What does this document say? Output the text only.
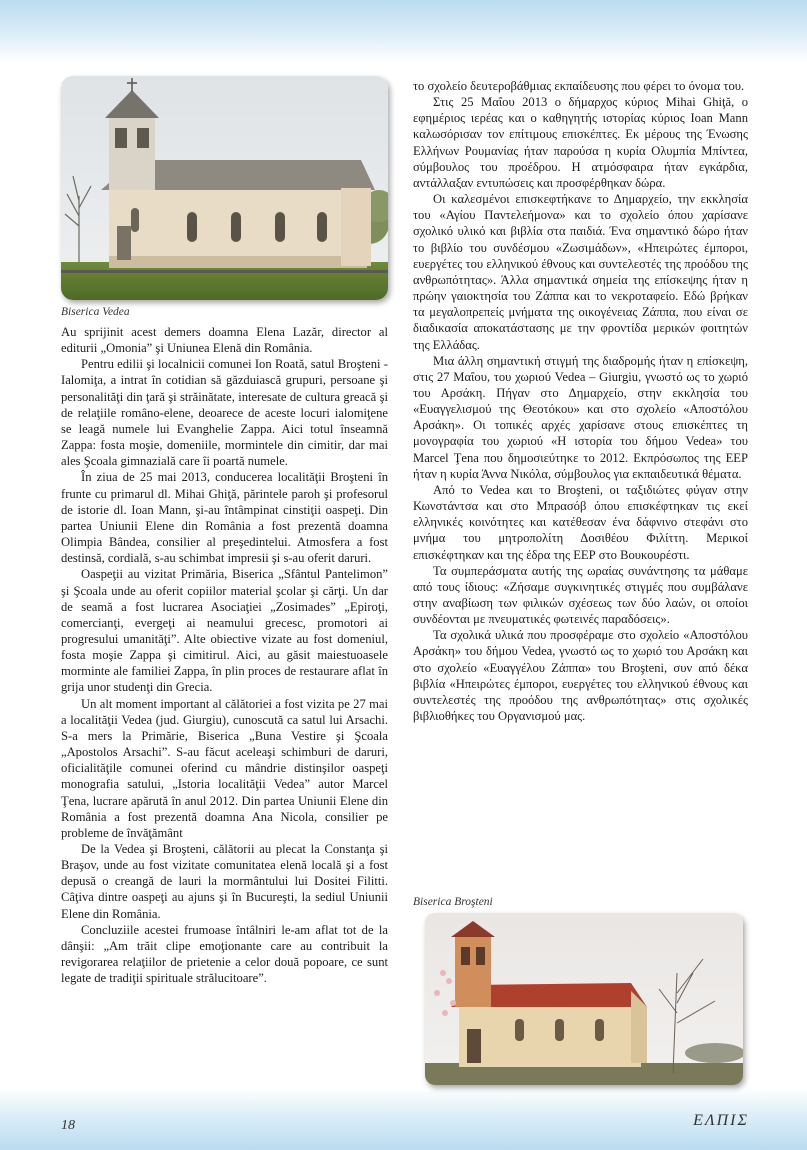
Biserica Vedea

Au sprijinit acest demers doamna Elena Lazăr, director al editurii „Omonia” şi Uniunea Elenă din România.

Pentru edilii şi localnicii comunei Ion Roată, satul Broşteni - Ialomiţa, a intrat în cotidian să găzduiască grupuri, persoane şi personalităţi din ţară şi străinătate, interesate de cultura greacă şi de relaţiile româno-elene, deoarece de aceste locuri ialomiţene se leagă numele lui Evanghelie Zappa. Aici totul înseamnă Zappa: fosta moşie, domeniile, mormintele din cimitir, dar mai ales Şcoala gimnazială care îi poartă numele.

În ziua de 25 mai 2013, conducerea localităţii Broşteni în frunte cu primarul dl. Mihai Ghiţă, părintele paroh şi profesorul de istorie dl. Ioan Mann, şi-au întâmpinat cinstiţii oaspeţi. Din partea Uniunii Elene din România a fost prezentă doamna Olimpia Bândea, consilier al preşedintelui. Atmosfera a fost destinsă, cordială, s-au schimbat impresii şi s-au oferit daruri.

Oaspeţii au vizitat Primăria, Biserica „Sfântul Pantelimon” şi Şcoala unde au oferit copiilor material şcolar şi cărţi. Un dar de seamă a fost lucrarea Asociaţiei „Zosimades” „Epiroţi, comercianţi, evergeţi ai neamului grecesc, promotori ai progresului umanităţi”. Alte obiective vizate au fost domeniul, fosta moşie Zappa şi cimitirul. Aici, au găsit maiestuoasele morminte ale familiei Zappa, în plin proces de restaurare aflat în grija unor studenţi din Grecia.

Un alt moment important al călătoriei a fost vizita pe 27 mai a localităţii Vedea (jud. Giurgiu), cunoscută ca satul lui Arsachi. S-a mers la Primărie, Biserica „Buna Vestire şi Şcoala „Apostolos Arsachi”. S-au făcut aceleaşi schimburi de daruri, oficialităţile comunei oferind cu mândrie distinşilor oaspeţi monografia satului, „Istoria localităţii Vedea” autor Marcel Ţena, lucrare apărută în anul 2012. Din partea Uniunii Elene din România a fost prezentă doamna Ana Nicola, consilier pe probleme de învăţământ

De la Vedea şi Broşteni, călătorii au plecat la Constanţa şi Braşov, unde au fost vizitate comunitatea elenă locală şi a fost depusă o creangă de lauri la mormântului lui Dositei Filitti. Câţiva dintre oaspeţi au ajuns şi în Bucureşti, la sediul Uniunii Elene din România.

Concluziile acestei frumoase întâlniri le-am aflat tot de la dânşii: „Am trăit clipe emoţionante care au contribuit la revigorarea relaţiilor de prietenie a celor două popoare, ce sunt legate de tradiţii spirituale strălucitoare”.

το σχολείο δευτεροβάθμιας εκπαίδευσης που φέρει το όνομα του.

Στις 25 Μαΐου 2013 ο δήμαρχος κύριος Mihai Ghiţă, ο εφημέριος ιερέας και ο καθηγητής ιστορίας κύριος Ioan Mann καλωσόρισαν τον επίτιμους επισκέπτες. Εκ μέρους της Ένωσης Ελλήνων Ρουμανίας ήταν παρούσα η κυρία Ολυμπία Μπίντεα, σύμβουλος του προέδρου. Η ατμόσφαιρα ήταν εγκάρδια, αντάλλαξαν εντυπώσεις και προσφέρθηκαν δώρα.

Οι καλεσμένοι επισκεφτήκανε το Δημαρχείο, την εκκλησία του «Αγίου Παντελεήμονα» και το σχολείο όπου χαρίσανε σχολικό υλικό και βιβλία στα παιδιά. Ένα σημαντικό δώρο ήταν το βιβλίο του συνδέσμου «Ζωσιμάδων», «Ηπειρώτες έμποροι, ευεργέτες του ελληνικού έθνους και συντελεστές της προόδου της ανθρωπότητας». Άλλα σημαντικά σημεία της επίσκεψης ήταν η πρώην γαιοκτησία του Ζάππα και το νεκροταφείο. Εδώ βρήκαν τα μεγαλοπρεπείς μνήματα της οικογένειας Ζάππα, που είναι σε διαδικασία αποκατάστασης με την φροντίδα μερικών φοιτητών της Ελλάδας.

Μια άλλη σημαντική στιγμή της διαδρομής ήταν η επίσκεψη, στις 27 Μαΐου, του χωριού Vedea – Giurgiu, γνωστό ως το χωριό του Αρσάκη. Πήγαν στο Δημαρχείο, στην εκκλησία του «Ευαγγελισμού της Θεοτόκου» και στο σχολείο «Αποστόλου Αρσάκη». Οι τοπικές αρχές χαρίσανε στους επισκέπτες τη μονογραφία του χωριού «Η ιστορία του δήμου Vedea» του Marcel Ţena που δημοσιεύτηκε το 2012. Εκπρόσωπος της ΕΕΡ ήταν η κυρία Άννα Νικόλα, σύμβουλος για εκπαιδευτικά θέματα.

Από το Vedea και το Broşteni, οι ταξιδιώτες φύγαν στην Κωνστάντσα και στο Μπρασόβ όπου επισκέφτηκαν τις εκεί ελληνικές κοινότητες και κατέθεσαν ένα δάφνινο στεφάνι στο μνήμα του μητροπολίτη Δοσιθέου Φιλίττη. Μερικοί επισκέφτηκαν και της έδρα της ΕΕΡ στο Βουκουρέστι.

Τα συμπεράσματα αυτής της ωραίας συνάντησης τα μάθαμε από τους ίδιους: «Ζήσαμε συγκινητικές στιγμές που συμβάλανε στην αναβίωση των φιλικών σχέσεως των δύο λαών, οι οποίοι συνδέονται με πνευματικές φωτεινές παραδόσεις».

Τα σχολικά υλικά που προσφέραμε στο σχολείο «Αποστόλου Αρσάκη» του δήμου Vedea, γνωστό ως το χωριό του Αρσάκη και στο σχολείο «Ευαγγέλου Ζάππα» του Broşteni, συν από δέκα βιβλία «Ηπειρώτες έμποροι, ευεργέτες του ελληνικού έθνους και συντελεστές της προόδου της ανθρωπότητας» στις σχολικές βιβλιοθήκες του Οργανισμού μας.

Biserica Broşteni
18	ΕΛΠΙΣ
